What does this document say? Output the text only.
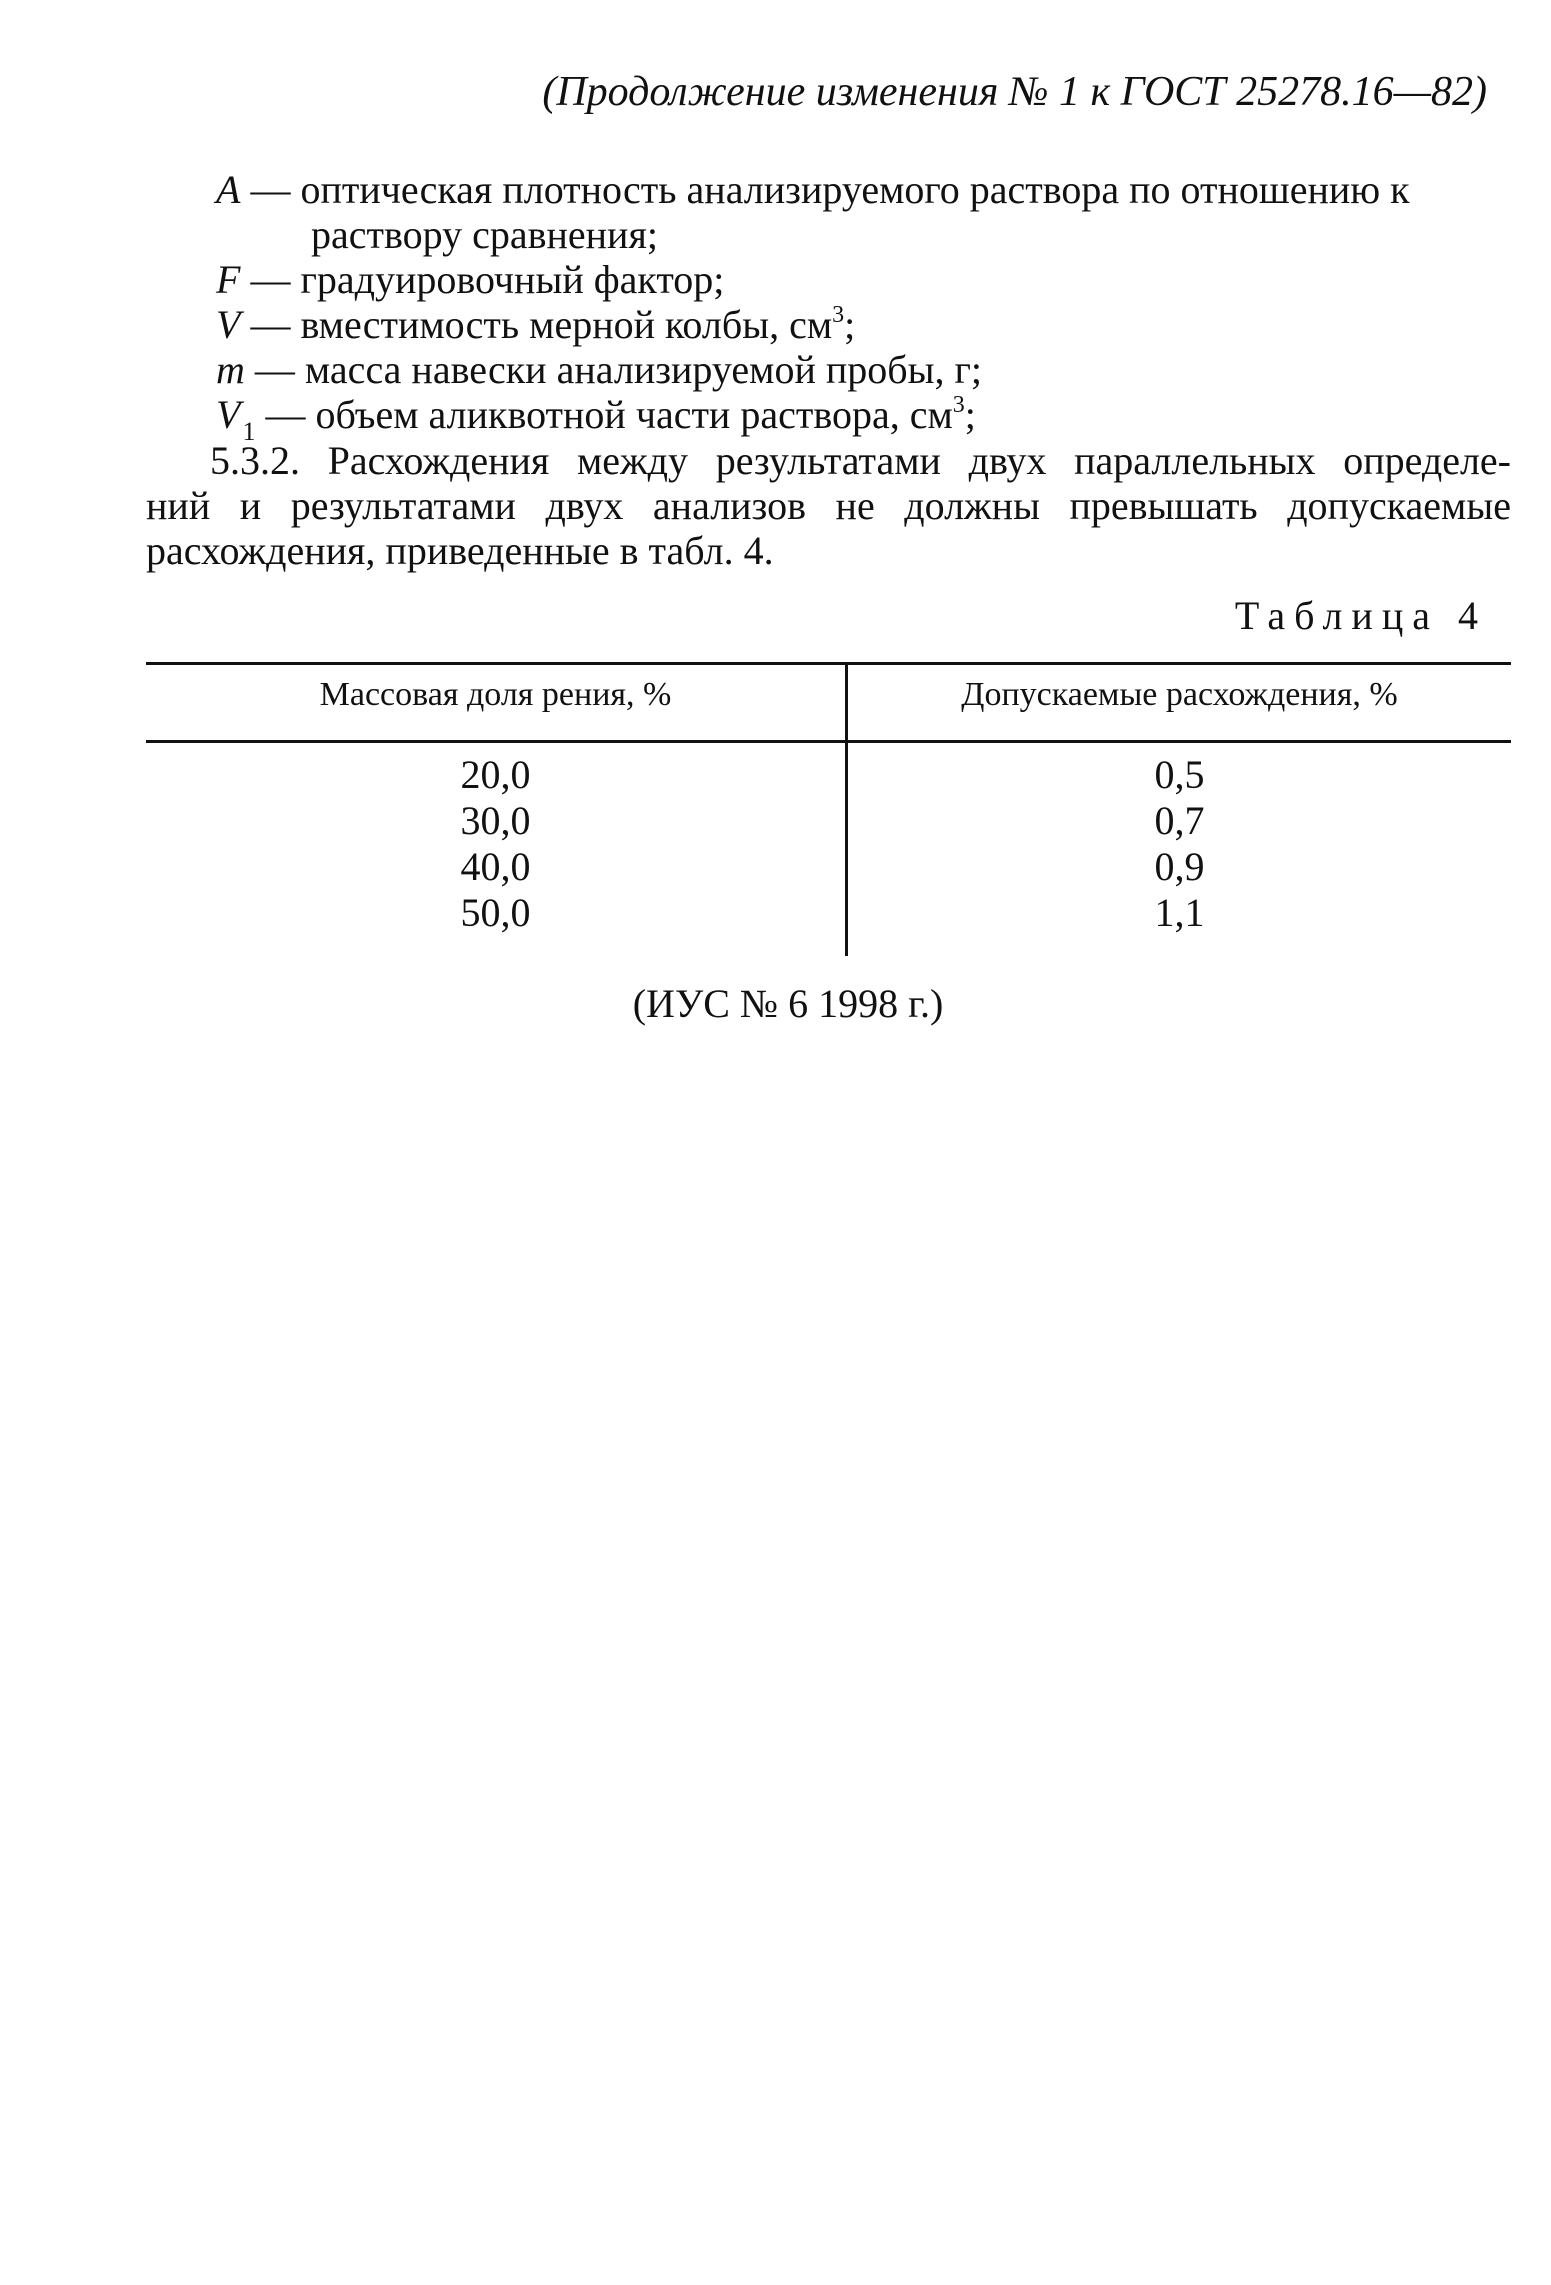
(Продолжение изменения № 1 к ГОСТ 25278.16—82)
A — оптическая плотность анализируемого раствора по отношению к
раствору сравнения;
F — градуировочный фактор;
V — вместимость мерной колбы, $см^3$;
m — масса навески анализируемой пробы, г;
$V_1$ — объем аликвотной части раствора, $см^3$;
5.3.2. Расхождения между результатами двух параллельных определе-
ний и результатами двух анализов не должны превышать допускаемые
расхождения, приведенные в табл. 4.
Таблица 4
Массовая доля рения, %	Допускаемые расхождения, %
20,0	0,5
30,0	0,7
40,0	0,9
50,0	1,1
(ИУС № 6 1998 г.)
